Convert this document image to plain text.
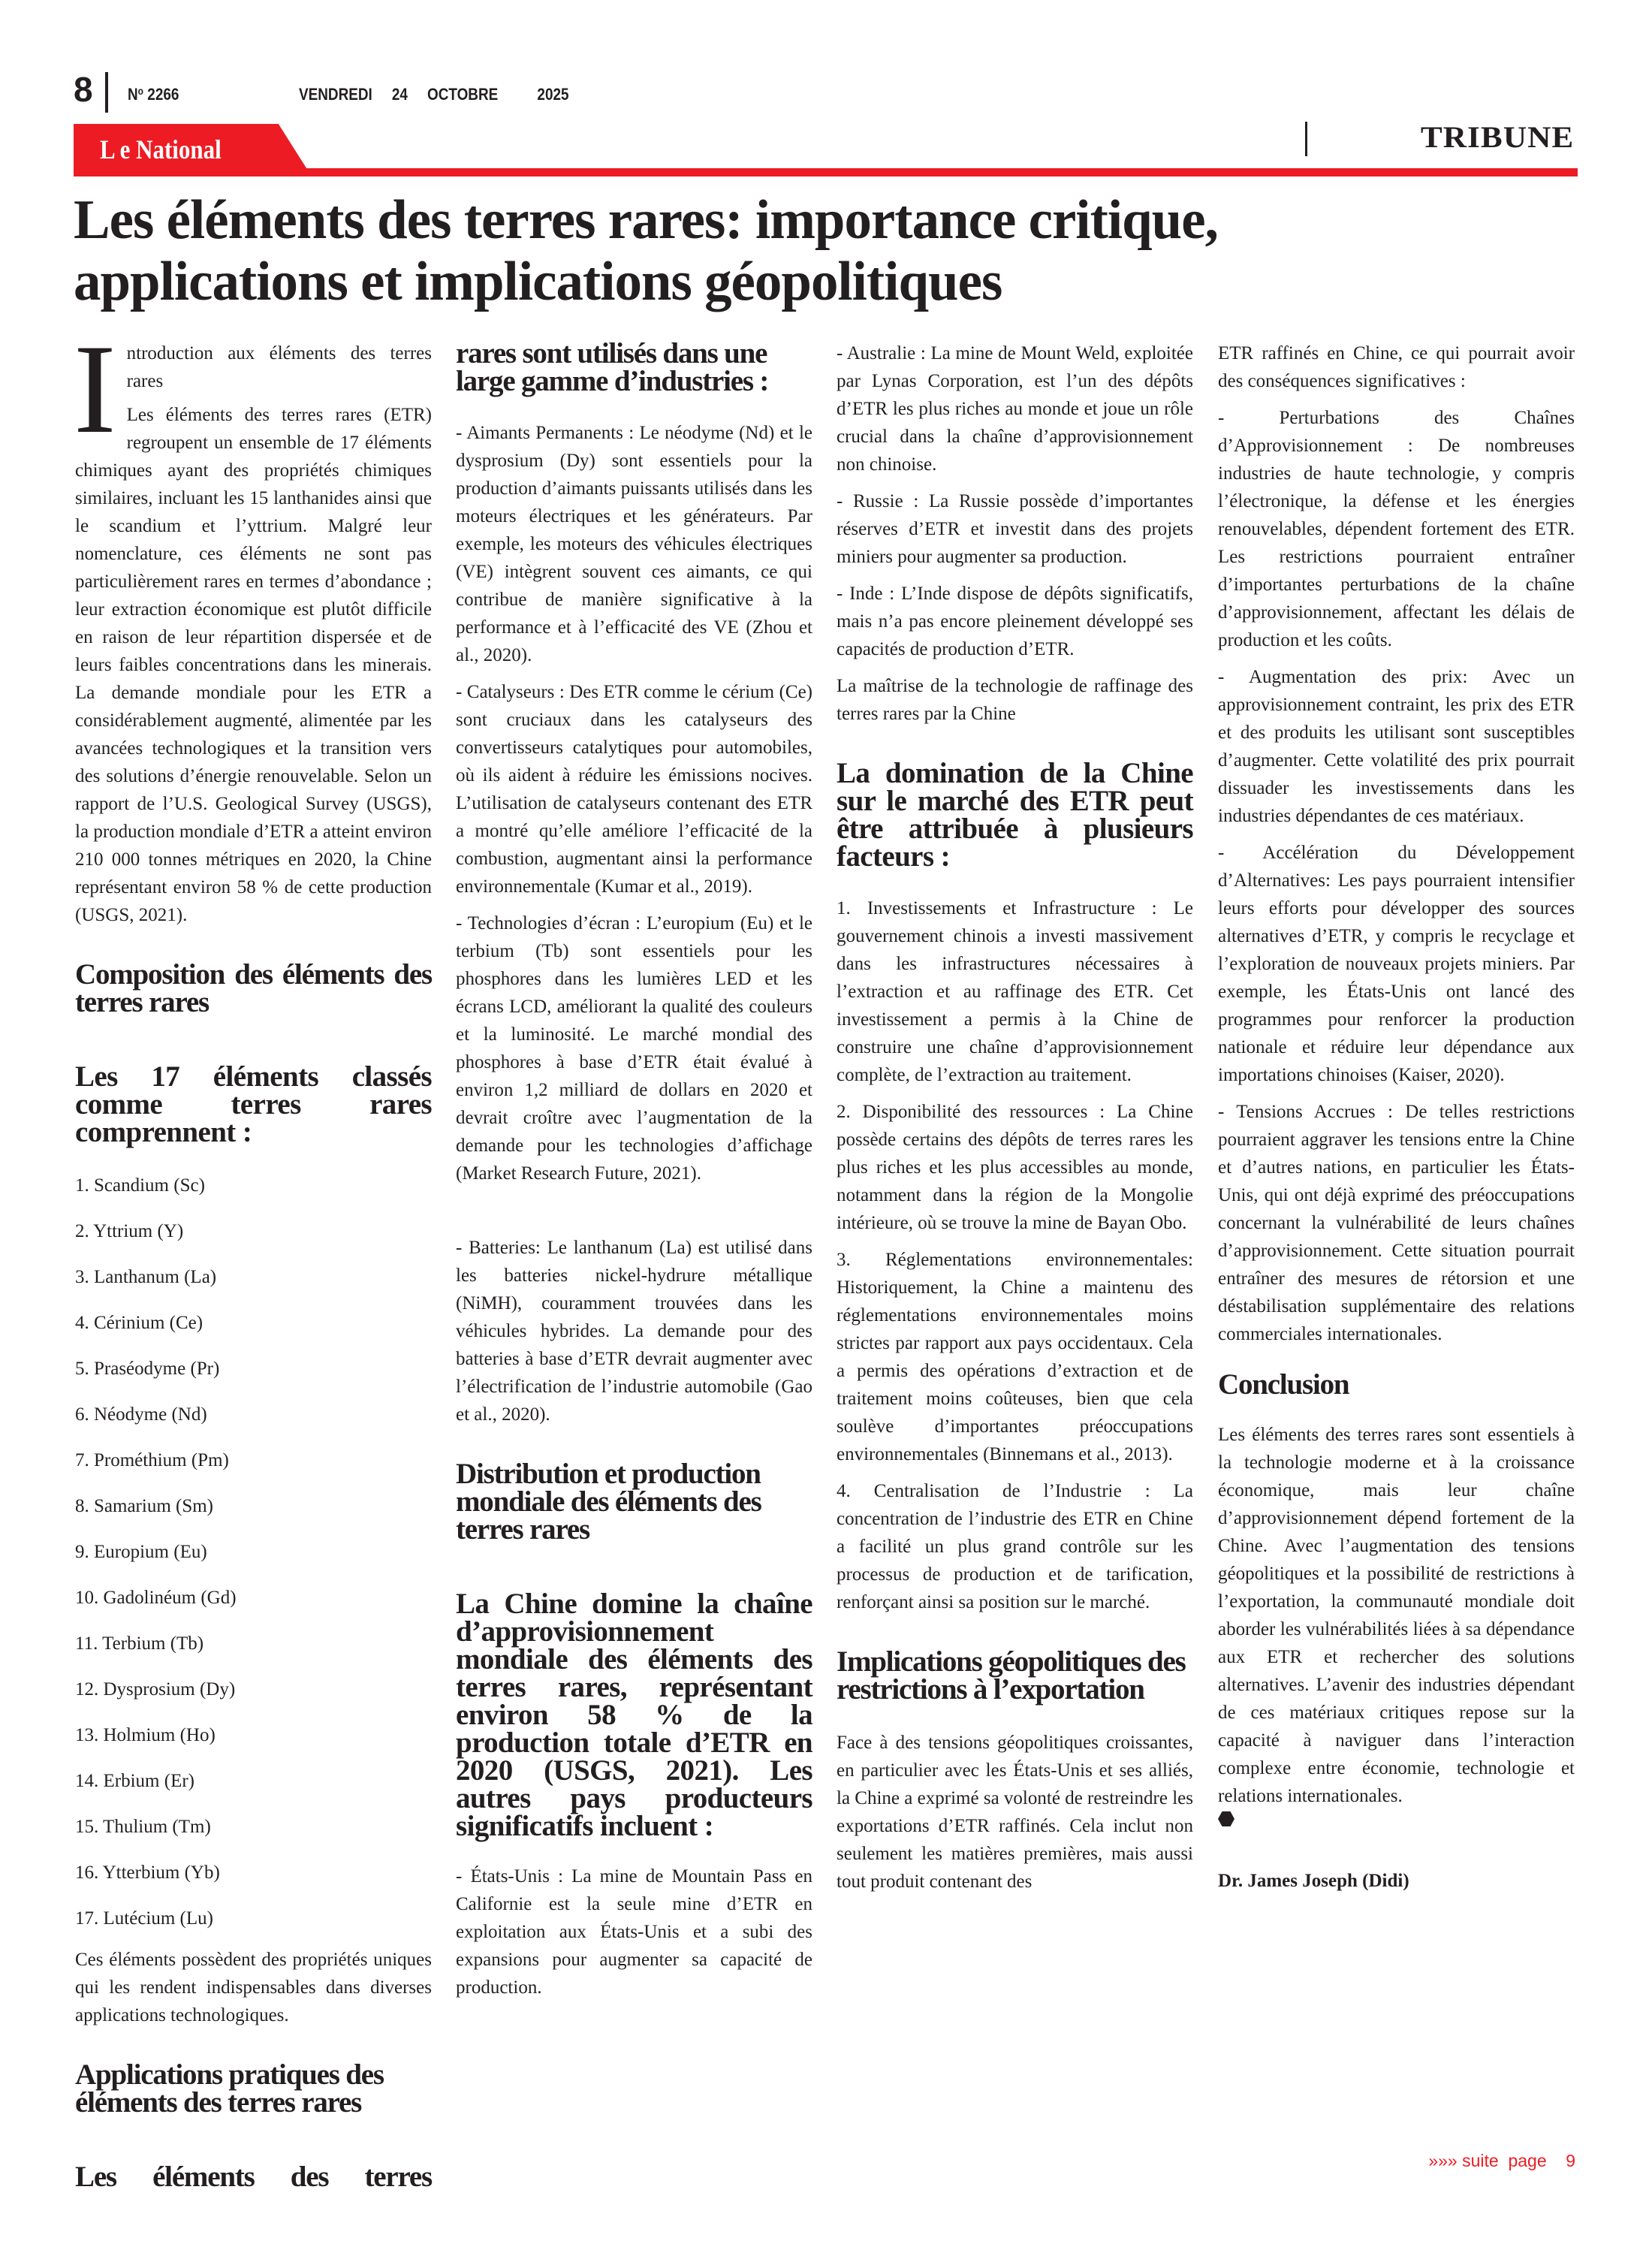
8 $N^o$ 2266	VENDREDI   24   OCTOBRE      2025
L e National	TRIBUNE
Les éléments des terres rares: importance critique, applications et implications géopolitiques

I ntroduction aux éléments des terres rares

Les éléments des terres rares (ETR) regroupent un ensemble de 17 éléments chimiques ayant des propriétés chimiques similaires, incluant les 15 lanthanides ainsi que le scandium et l’yttrium. Malgré leur nomenclature, ces éléments ne sont pas particulièrement rares en termes d’abondance ; leur extraction économique est plutôt difficile en raison de leur répartition dispersée et de leurs faibles concentrations dans les minerais. La demande mondiale pour les ETR a considérablement augmenté, alimentée par les avancées technologiques et la transition vers des solutions d’énergie renouvelable. Selon un rapport de l’U.S. Geological Survey (USGS), la production mondiale d’ETR a atteint environ 210 000 tonnes métriques en 2020, la Chine représentant environ 58 % de cette production (USGS, 2021).

Composition des éléments des terres rares
Les 17 éléments classés comme terres rares comprennent :

1. Scandium (Sc)

2. Yttrium (Y)

3. Lanthanum (La)

4. Cérinium (Ce)

5. Praséodyme (Pr)

6. Néodyme (Nd)

7. Prométhium (Pm)

8. Samarium (Sm)

9. Europium (Eu)

10. Gadolinéum (Gd)

11. Terbium (Tb)

12. Dysprosium (Dy)

13. Holmium (Ho)

14. Erbium (Er)

15. Thulium (Tm)

16. Ytterbium (Yb)

17. Lutécium (Lu)

Ces éléments possèdent des propriétés uniques qui les rendent indispensables dans diverses applications technologiques.

Applications pratiques des éléments des terres rares
Les éléments des terres
rares sont utilisés dans une large gamme d’industries :

- Aimants Permanents : Le néodyme (Nd) et le dysprosium (Dy) sont essentiels pour la production d’aimants puissants utilisés dans les moteurs électriques et les générateurs. Par exemple, les moteurs des véhicules électriques (VE) intègrent souvent ces aimants, ce qui contribue de manière significative à la performance et à l’efficacité des VE (Zhou et al., 2020).

- Catalyseurs : Des ETR comme le cérium (Ce) sont cruciaux dans les catalyseurs des convertisseurs catalytiques pour automobiles, où ils aident à réduire les émissions nocives. L’utilisation de catalyseurs contenant des ETR a montré qu’elle améliore l’efficacité de la combustion, augmentant ainsi la performance environnementale (Kumar et al., 2019).

- Technologies d’écran : L’europium (Eu) et le terbium (Tb) sont essentiels pour les phosphores dans les lumières LED et les écrans LCD, améliorant la qualité des couleurs et la luminosité. Le marché mondial des phosphores à base d’ETR était évalué à environ 1,2 milliard de dollars en 2020 et devrait croître avec l’augmentation de la demande pour les technologies d’affichage (Market Research Future, 2021).

- Batteries: Le lanthanum (La) est utilisé dans les batteries nickel-hydrure métallique (NiMH), couramment trouvées dans les véhicules hybrides. La demande pour des batteries à base d’ETR devrait augmenter avec l’électrification de l’industrie automobile (Gao et al., 2020).

Distribution et production mondiale des éléments des terres rares
La Chine domine la chaîne d’approvisionnement mondiale des éléments des terres rares, représentant environ 58 % de la production totale d’ETR en 2020 (USGS, 2021). Les autres pays producteurs significatifs incluent :

- États-Unis : La mine de Mountain Pass en Californie est la seule mine d’ETR en exploitation aux États-Unis et a subi des expansions pour augmenter sa capacité de production.

- Australie : La mine de Mount Weld, exploitée par Lynas Corporation, est l’un des dépôts d’ETR les plus riches au monde et joue un rôle crucial dans la chaîne d’approvisionnement non chinoise.

- Russie : La Russie possède d’importantes réserves d’ETR et investit dans des projets miniers pour augmenter sa production.

- Inde : L’Inde dispose de dépôts significatifs, mais n’a pas encore pleinement développé ses capacités de production d’ETR.

La maîtrise de la technologie de raffinage des terres rares par la Chine

La domination de la Chine sur le marché des ETR peut être attribuée à plusieurs facteurs :

1. Investissements et Infrastructure : Le gouvernement chinois a investi massivement dans les infrastructures nécessaires à l’extraction et au raffinage des ETR. Cet investissement a permis à la Chine de construire une chaîne d’approvisionnement complète, de l’extraction au traitement.

2. Disponibilité des ressources : La Chine possède certains des dépôts de terres rares les plus riches et les plus accessibles au monde, notamment dans la région de la Mongolie intérieure, où se trouve la mine de Bayan Obo.

3. Réglementations environnementales: Historiquement, la Chine a maintenu des réglementations environnementales moins strictes par rapport aux pays occidentaux. Cela a permis des opérations d’extraction et de traitement moins coûteuses, bien que cela soulève d’importantes préoccupations environnementales (Binnemans et al., 2013).

4. Centralisation de l’Industrie : La concentration de l’industrie des ETR en Chine a facilité un plus grand contrôle sur les processus de production et de tarification, renforçant ainsi sa position sur le marché.

Implications géopolitiques des restrictions à l’exportation

Face à des tensions géopolitiques croissantes, en particulier avec les États-Unis et ses alliés, la Chine a exprimé sa volonté de restreindre les exportations d’ETR raffinés. Cela inclut non seulement les matières premières, mais aussi tout produit contenant des

ETR raffinés en Chine, ce qui pourrait avoir des conséquences significatives :

- Perturbations des Chaînes d’Approvisionnement : De nombreuses industries de haute technologie, y compris l’électronique, la défense et les énergies renouvelables, dépendent fortement des ETR. Les restrictions pourraient entraîner d’importantes perturbations de la chaîne d’approvisionnement, affectant les délais de production et les coûts.

- Augmentation des prix: Avec un approvisionnement contraint, les prix des ETR et des produits les utilisant sont susceptibles d’augmenter. Cette volatilité des prix pourrait dissuader les investissements dans les industries dépendantes de ces matériaux.

- Accélération du Développement d’Alternatives: Les pays pourraient intensifier leurs efforts pour développer des sources alternatives d’ETR, y compris le recyclage et l’exploration de nouveaux projets miniers. Par exemple, les États-Unis ont lancé des programmes pour renforcer la production nationale et réduire leur dépendance aux importations chinoises (Kaiser, 2020).

- Tensions Accrues : De telles restrictions pourraient aggraver les tensions entre la Chine et d’autres nations, en particulier les États-Unis, qui ont déjà exprimé des préoccupations concernant la vulnérabilité de leurs chaînes d’approvisionnement. Cette situation pourrait entraîner des mesures de rétorsion et une déstabilisation supplémentaire des relations commerciales internationales.

Conclusion

Les éléments des terres rares sont essentiels à la technologie moderne et à la croissance économique, mais leur chaîne d’approvisionnement dépend fortement de la Chine. Avec l’augmentation des tensions géopolitiques et la possibilité de restrictions à l’exportation, la communauté mondiale doit aborder les vulnérabilités liées à sa dépendance aux ETR et rechercher des solutions alternatives. L’avenir des industries dépendant de ces matériaux critiques repose sur la capacité à naviguer dans l’interaction complexe entre économie, technologie et relations internationales.

Dr. James Joseph (Didi)

»»» suite  page 9
